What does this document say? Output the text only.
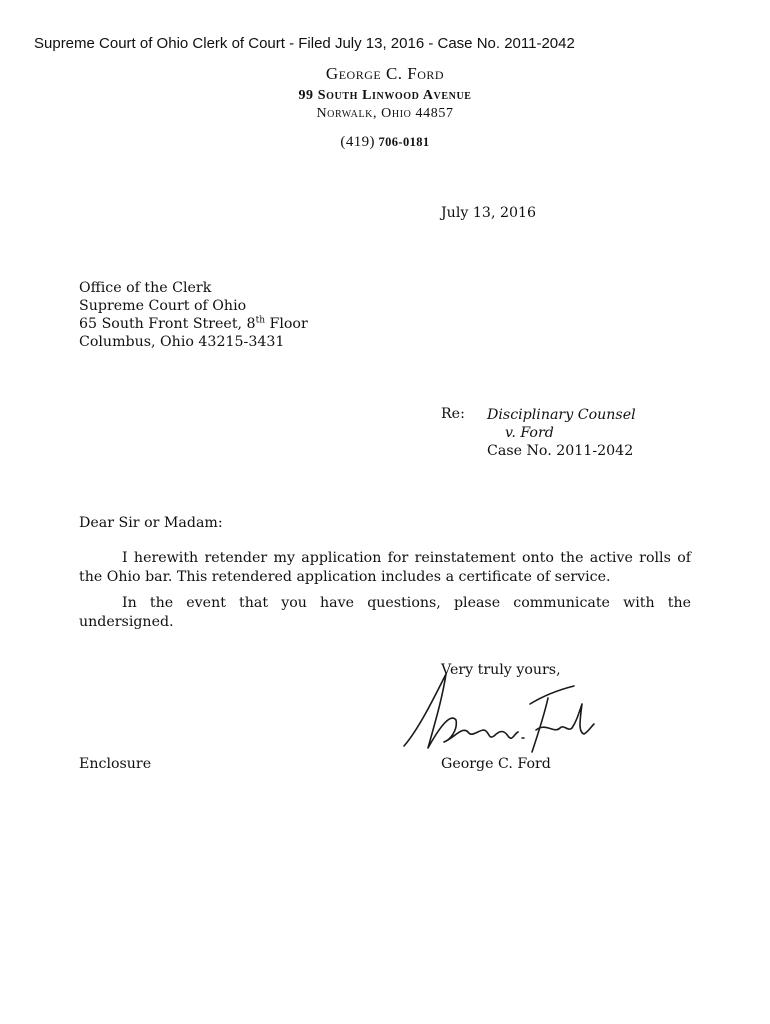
Supreme Court of Ohio Clerk of Court - Filed July 13, 2016 - Case No. 2011-2042
George C. Ford
99 South Linwood Avenue
Norwalk, Ohio 44857
(419) 706-0181
July 13, 2016
Office of the Clerk
Supreme Court of Ohio
65 South Front Street, 8th Floor
Columbus, Ohio 43215-3431
Re: Disciplinary Counsel
v. Ford
Case No. 2011-2042
Dear Sir or Madam:
I herewith retender my application for reinstatement onto the active rolls of the Ohio bar. This retendered application includes a certificate of service.
In the event that you have questions, please communicate with the undersigned.
Very truly yours,
Enclosure	George C. Ford
